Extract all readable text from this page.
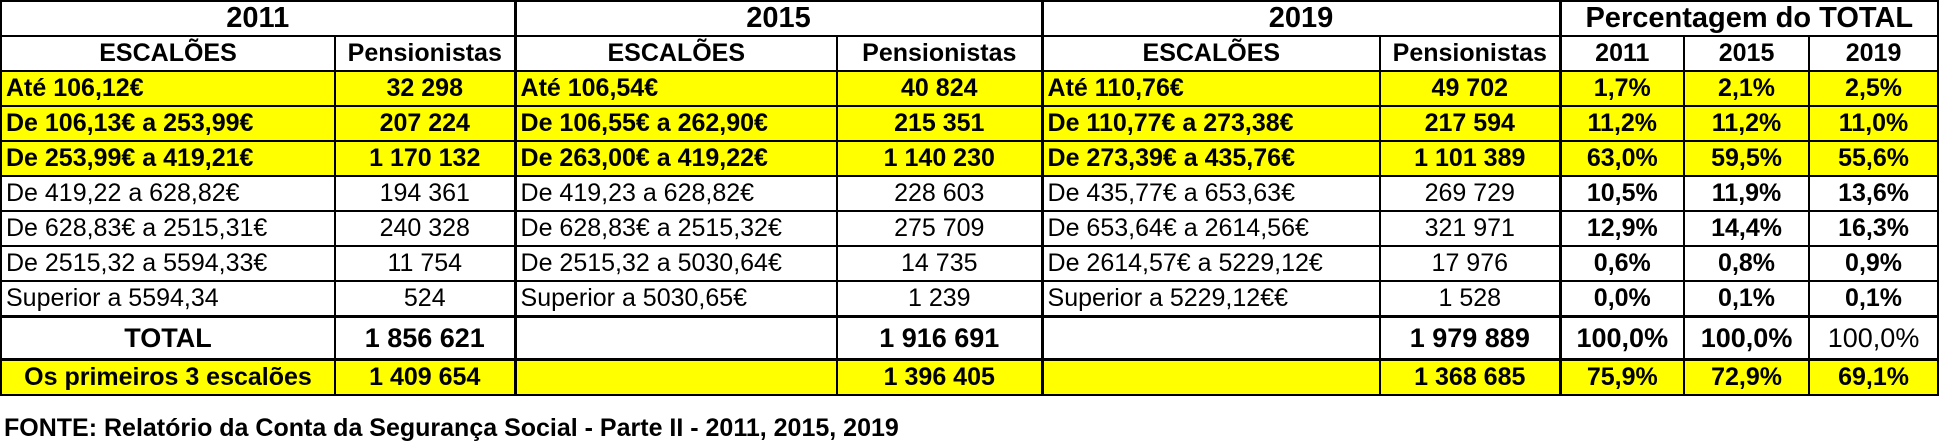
2011		2015		2019		Percentagem do TOTAL		
ESCALÕES	Pensionistas	ESCALÕES	Pensionistas	ESCALÕES	Pensionistas	2011	2015	2019
Até 106,12€	32 298	Até 106,54€	40 824	Até 110,76€	49 702	1,7%	2,1%	2,5%
De 106,13€ a 253,99€	207 224	De 106,55€ a 262,90€	215 351	De 110,77€ a 273,38€	217 594	11,2%	11,2%	11,0%
De 253,99€ a 419,21€	1 170 132	De 263,00€ a 419,22€	1 140 230	De 273,39€ a 435,76€	1 101 389	63,0%	59,5%	55,6%
De 419,22 a 628,82€	194 361	De 419,23 a 628,82€	228 603	De 435,77€ a 653,63€	269 729	10,5%	11,9%	13,6%
De 628,83€ a 2515,31€	240 328	De 628,83€ a 2515,32€	275 709	De 653,64€ a 2614,56€	321 971	12,9%	14,4%	16,3%
De 2515,32 a 5594,33€	11 754	De 2515,32 a 5030,64€	14 735	De 2614,57€ a 5229,12€	17 976	0,6%	0,8%	0,9%
Superior a 5594,34	524	Superior a 5030,65€	1 239	Superior a 5229,12€€	1 528	0,0%	0,1%	0,1%
TOTAL	1 856 621		1 916 691		1 979 889	100,0%	100,0%	100,0%
Os primeiros 3 escalões	1 409 654		1 396 405		1 368 685	75,9%	72,9%	69,1%
FONTE: Relatório da Conta da Segurança Social - Parte II - 2011, 2015, 2019
